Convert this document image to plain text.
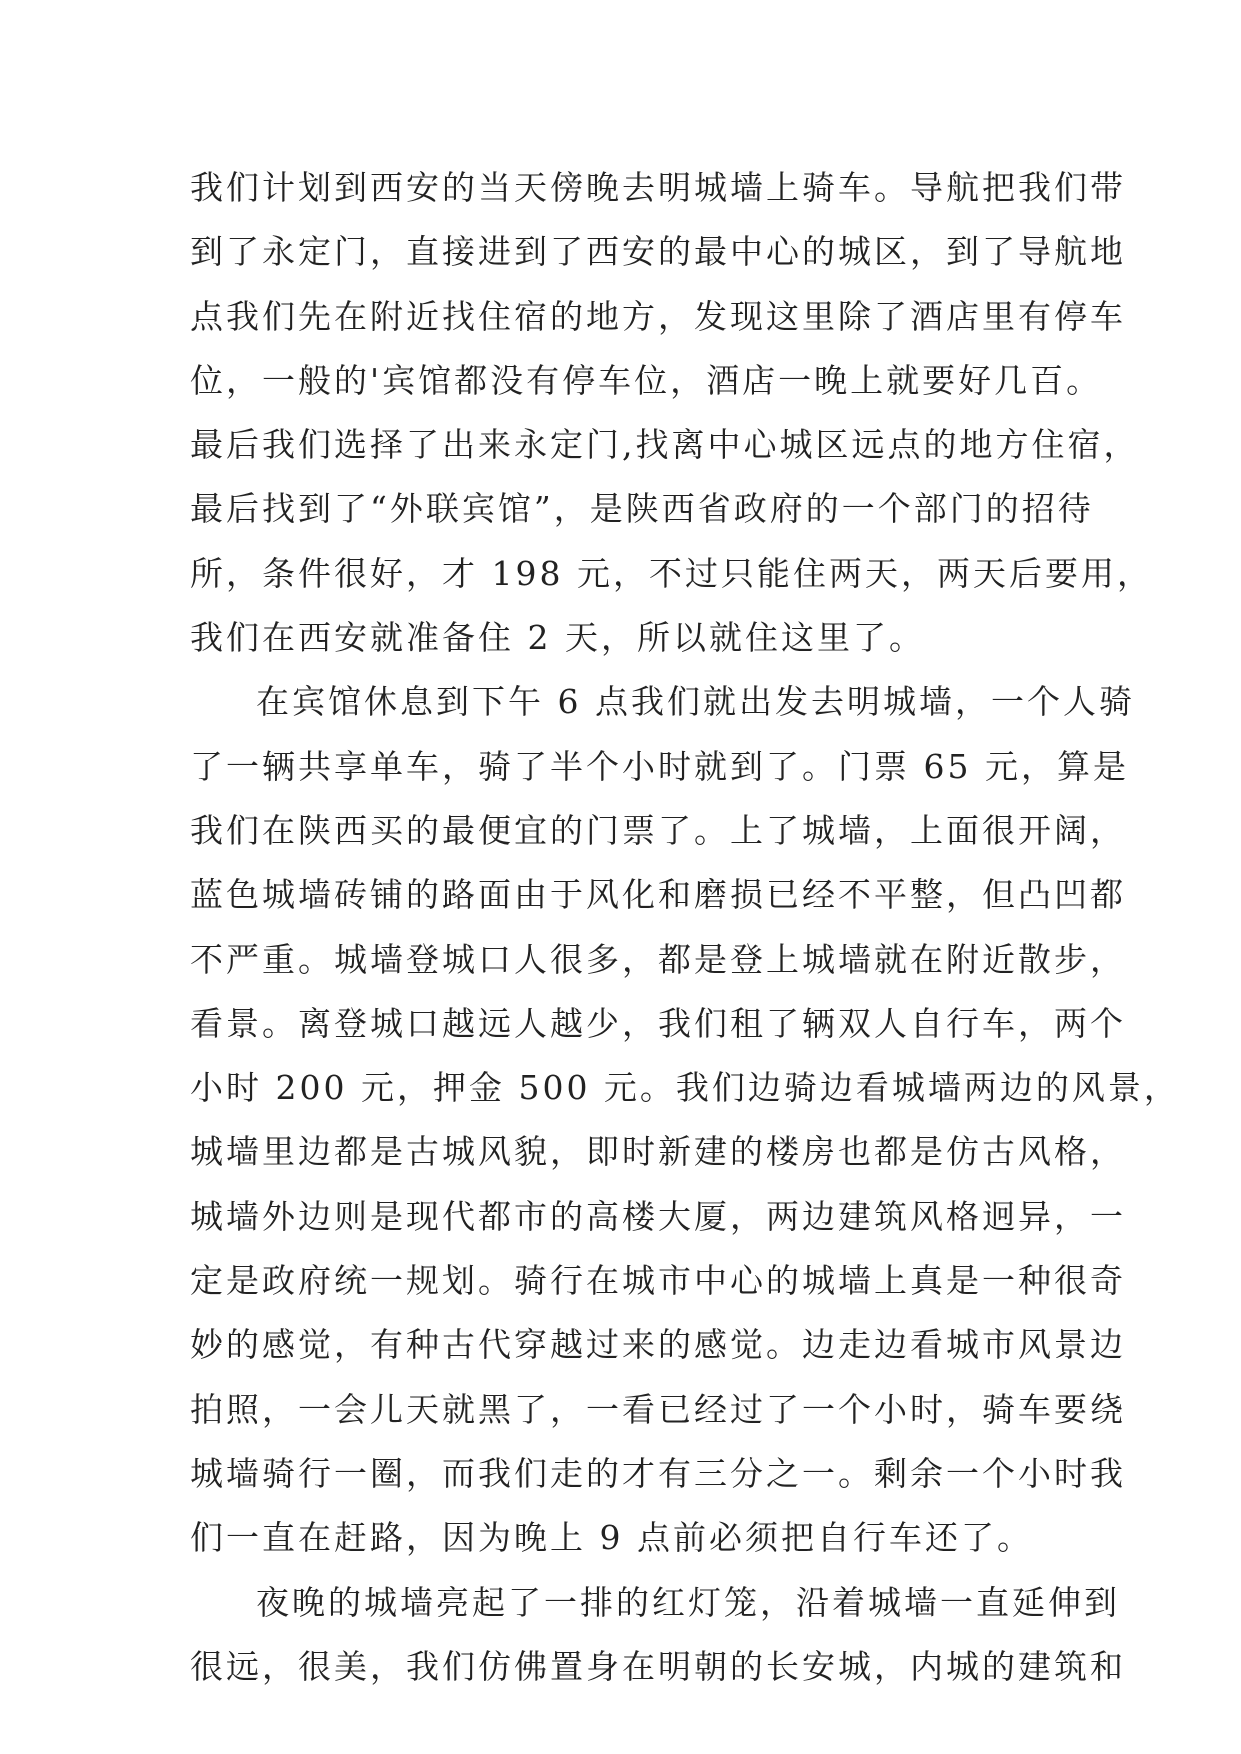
我们计划到西安的当天傍晚去明城墙上骑车。导航把我们带
到了永定门，直接进到了西安的最中心的城区，到了导航地
点我们先在附近找住宿的地方，发现这里除了酒店里有停车
位，一般的'宾馆都没有停车位，酒店一晚上就要好几百。
最后我们选择了出来永定门,找离中心城区远点的地方住宿，
最后找到了“外联宾馆”，是陕西省政府的一个部门的招待
所，条件很好，才 198 元，不过只能住两天，两天后要用，
我们在西安就准备住 2 天，所以就住这里了。
在宾馆休息到下午 6 点我们就出发去明城墙，一个人骑
了一辆共享单车，骑了半个小时就到了。门票 65 元，算是
我们在陕西买的最便宜的门票了。上了城墙，上面很开阔，
蓝色城墙砖铺的路面由于风化和磨损已经不平整，但凸凹都
不严重。城墙登城口人很多，都是登上城墙就在附近散步，
看景。离登城口越远人越少，我们租了辆双人自行车，两个
小时 200 元，押金 500 元。我们边骑边看城墙两边的风景，
城墙里边都是古城风貌，即时新建的楼房也都是仿古风格，
城墙外边则是现代都市的高楼大厦，两边建筑风格迥异，一
定是政府统一规划。骑行在城市中心的城墙上真是一种很奇
妙的感觉，有种古代穿越过来的感觉。边走边看城市风景边
拍照，一会儿天就黑了，一看已经过了一个小时，骑车要绕
城墙骑行一圈，而我们走的才有三分之一。剩余一个小时我
们一直在赶路，因为晚上 9 点前必须把自行车还了。
夜晚的城墙亮起了一排的红灯笼，沿着城墙一直延伸到
很远，很美，我们仿佛置身在明朝的长安城，内城的建筑和
